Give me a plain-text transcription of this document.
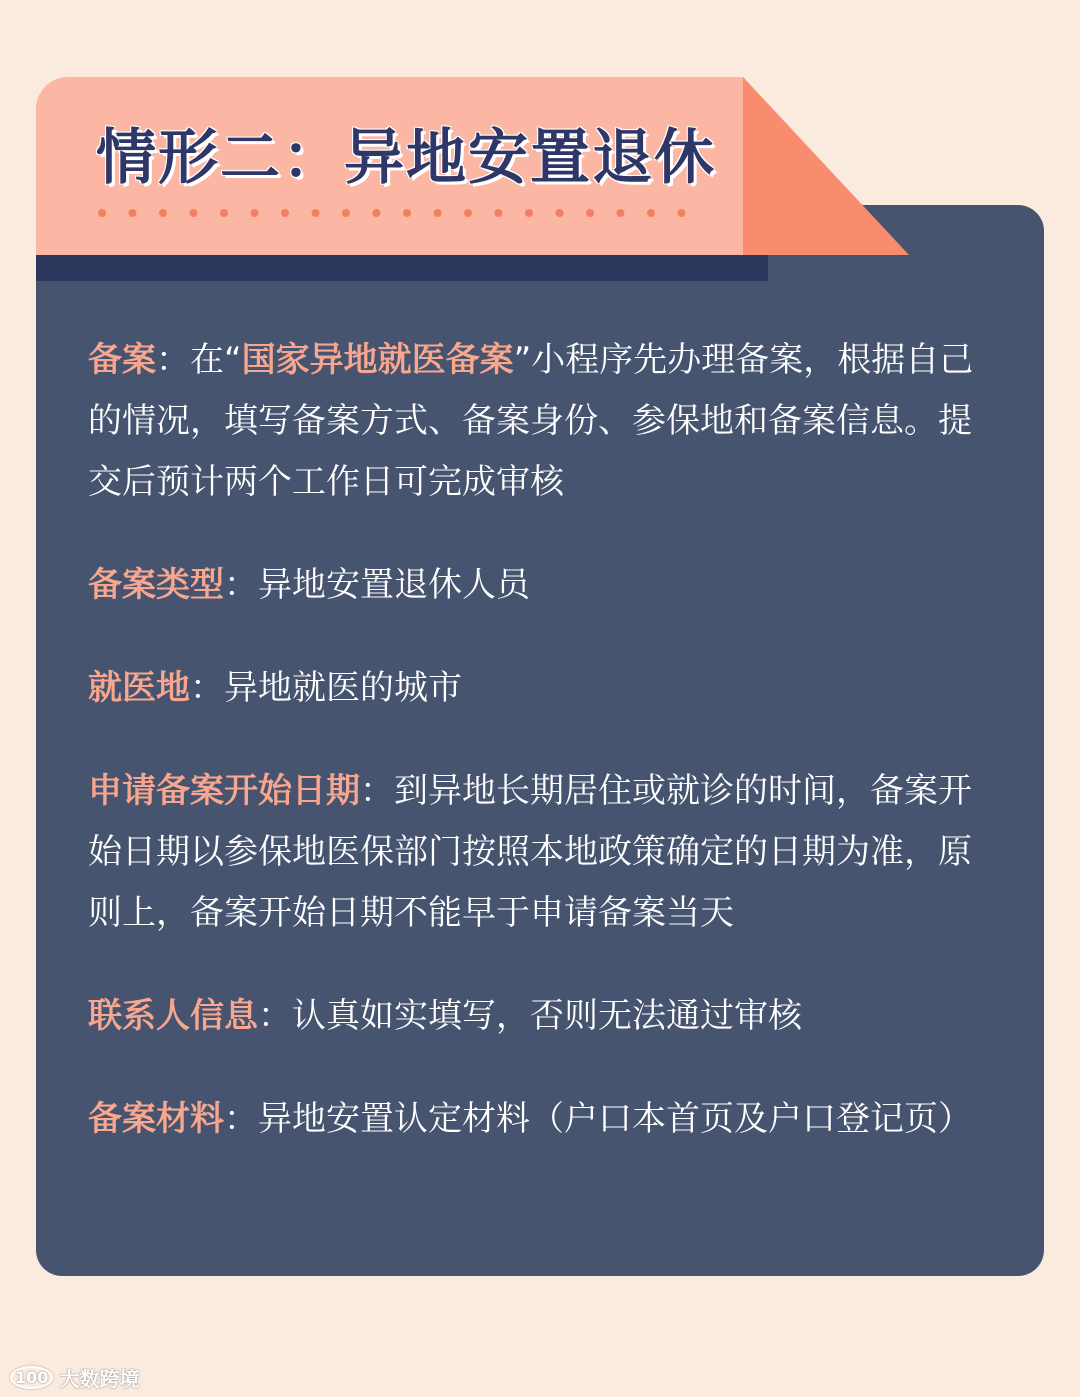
情形二：异地安置退休

备案：在“国家异地就医备案”小程序先办理备案，根据自己的情况，填写备案方式、备案身份、参保地和备案信息。提交后预计两个工作日可完成审核

备案类型：异地安置退休人员

就医地：异地就医的城市

申请备案开始日期：到异地长期居住或就诊的时间，备案开始日期以参保地医保部门按照本地政策确定的日期为准，原则上，备案开始日期不能早于申请备案当天

联系人信息：认真如实填写，否则无法通过审核

备案材料：异地安置认定材料（户口本首页及户口登记页）

100 大数跨境
